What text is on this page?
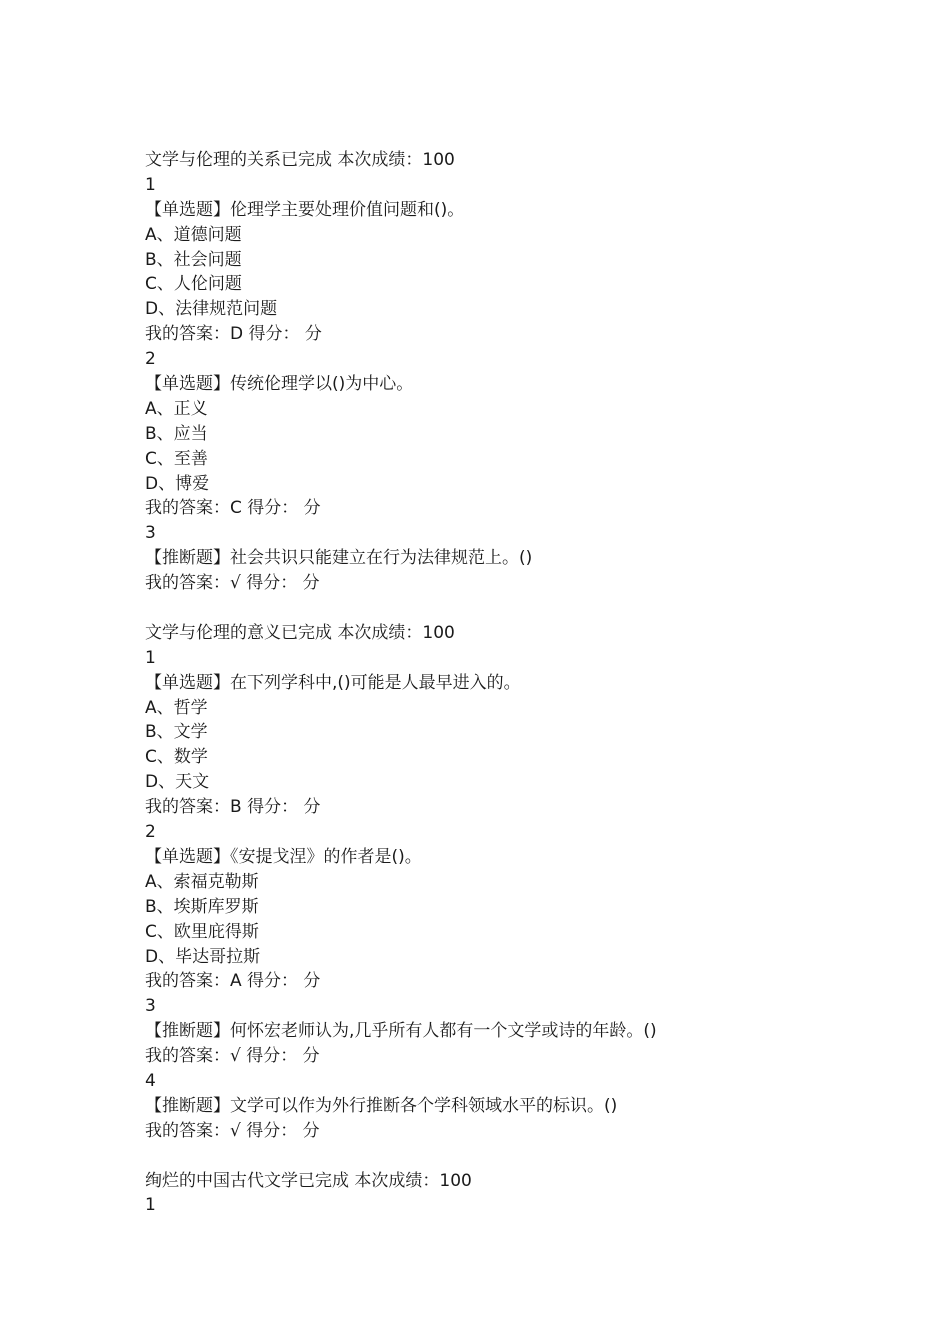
文学与伦理的关系已完成 本次成绩：100
1
【单选题】伦理学主要处理价值问题和()。
A、道德问题
B、社会问题
C、人伦问题
D、法律规范问题
我的答案：D 得分： 分
2
【单选题】传统伦理学以()为中心。
A、正义
B、应当
C、至善
D、博爱
我的答案：C 得分： 分
3
【推断题】社会共识只能建立在行为法律规范上。()
我的答案：√ 得分： 分
文学与伦理的意义已完成 本次成绩：100
1
【单选题】在下列学科中,()可能是人最早进入的。
A、哲学
B、文学
C、数学
D、天文
我的答案：B 得分： 分
2
【单选题】《安提戈涅》的作者是()。
A、索福克勒斯
B、埃斯库罗斯
C、欧里庇得斯
D、毕达哥拉斯
我的答案：A 得分： 分
3
【推断题】何怀宏老师认为,几乎所有人都有一个文学或诗的年龄。()
我的答案：√ 得分： 分
4
【推断题】文学可以作为外行推断各个学科领域水平的标识。()
我的答案：√ 得分： 分
绚烂的中国古代文学已完成 本次成绩：100
1
